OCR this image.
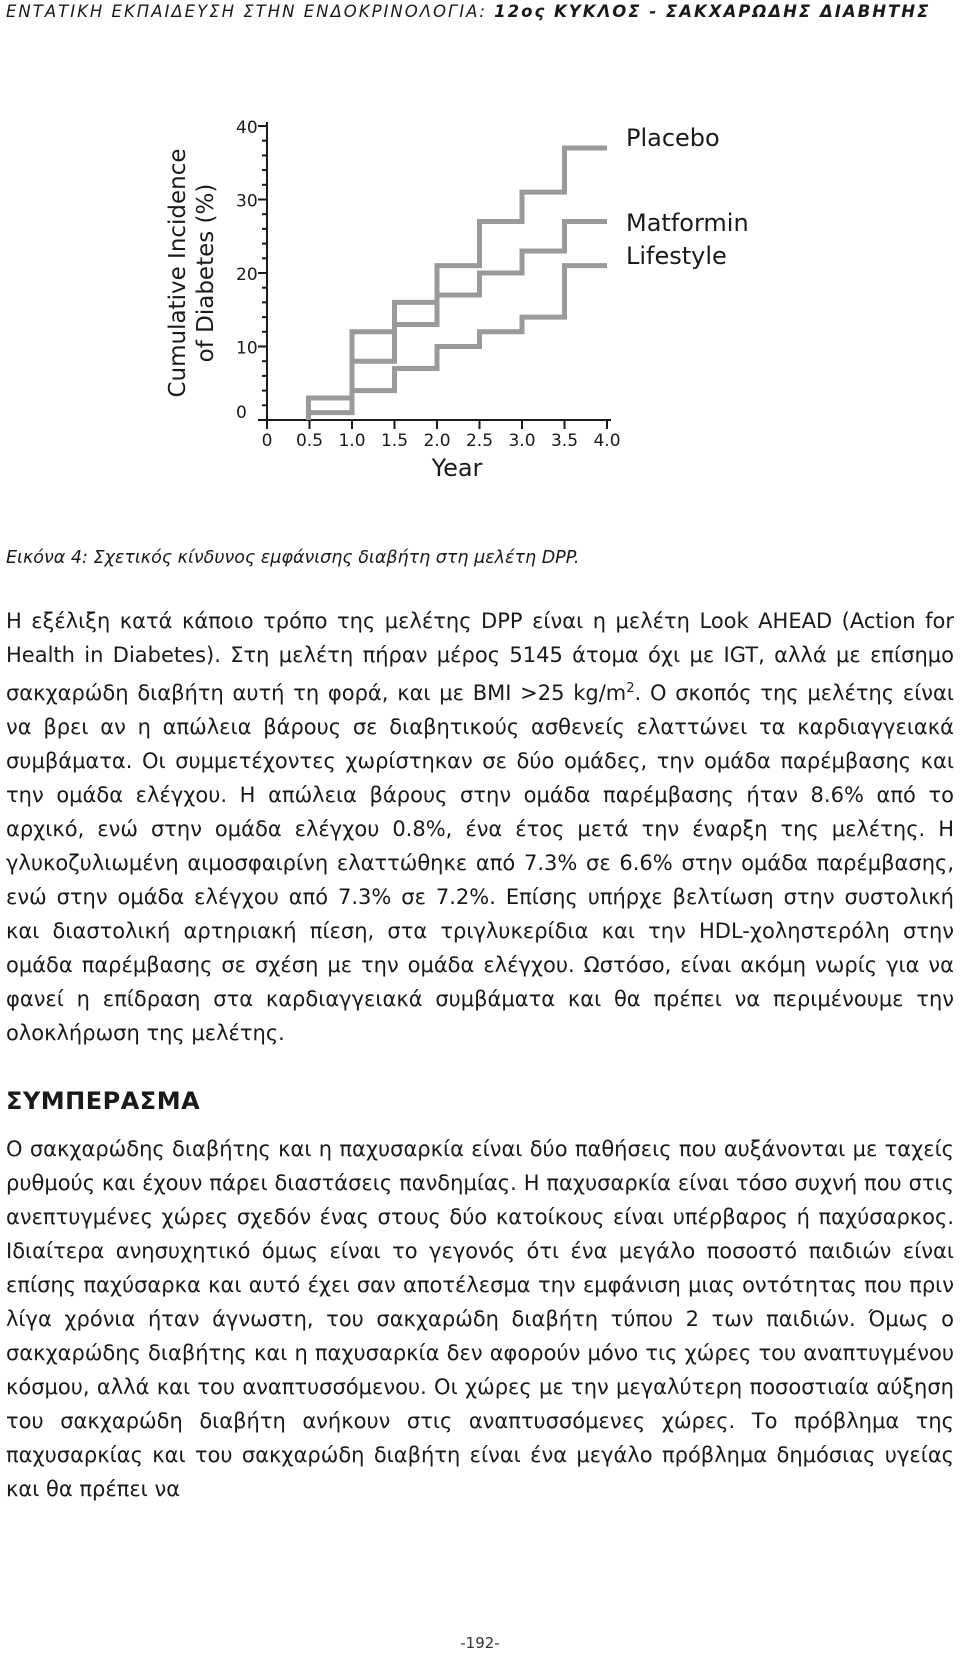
ΕΝΤΑΤΙΚΗ ΕΚΠΑΙΔΕΥΣΗ ΣΤΗΝ ΕΝΔΟΚΡΙΝΟΛΟΓΙΑ: 12ος ΚΥΚΛΟΣ - ΣΑΚΧΑΡΩΔΗΣ ΔΙΑΒΗΤΗΣ
0
10
20
30
40
0 0.5 1.0 1.5 2.0 2.5 3.0 3.5 4.0
Cumulative Incidence of Diabetes (%)
Year
Placebo
Matformin
Lifestyle
Εικόνα 4: Σχετικός κίνδυνος εμφάνισης διαβήτη στη μελέτη DPP.

Η εξέλιξη κατά κάποιο τρόπο της μελέτης DPP είναι η μελέτη Look AHEAD (Action for Health in Diabetes). Στη μελέτη πήραν μέρος 5145 άτομα όχι με IGT, αλλά με επίσημο σακχαρώδη διαβήτη αυτή τη φορά, και με BMI >25 $kg/m^2$. Ο σκοπός της μελέτης είναι να βρει αν η απώλεια βάρους σε διαβητικούς ασθενείς ελαττώνει τα καρδιαγγειακά συμβάματα. Οι συμμετέχοντες χωρίστηκαν σε δύο ομάδες, την ομάδα παρέμβασης και την ομάδα ελέγχου. Η απώλεια βάρους στην ομάδα παρέμβασης ήταν 8.6% από το αρχικό, ενώ στην ομάδα ελέγχου 0.8%, ένα έτος μετά την έναρξη της μελέτης. Η γλυκοζυλιωμένη αιμοσφαιρίνη ελαττώθηκε από 7.3% σε 6.6% στην ομάδα παρέμβασης, ενώ στην ομάδα ελέγχου από 7.3% σε 7.2%. Επίσης υπήρχε βελτίωση στην συστολική και διαστολική αρτηριακή πίεση, στα τριγλυκερίδια και την HDL-χοληστερόλη στην ομάδα παρέμβασης σε σχέση με την ομάδα ελέγχου. Ωστόσο, είναι ακόμη νωρίς για να φανεί η επίδραση στα καρδιαγγειακά συμβάματα και θα πρέπει να περιμένουμε την ολοκλήρωση της μελέτης.

ΣΥΜΠΕΡΑΣΜΑ

Ο σακχαρώδης διαβήτης και η παχυσαρκία είναι δύο παθήσεις που αυξάνονται με ταχείς ρυθμούς και έχουν πάρει διαστάσεις πανδημίας. Η παχυσαρκία είναι τόσο συχνή που στις ανεπτυγμένες χώρες σχεδόν ένας στους δύο κατοίκους είναι υπέρβαρος ή παχύσαρκος. Ιδιαίτερα ανησυχητικό όμως είναι το γεγονός ότι ένα μεγάλο ποσοστό παιδιών είναι επίσης παχύσαρκα και αυτό έχει σαν αποτέλεσμα την εμφάνιση μιας οντότητας που πριν λίγα χρόνια ήταν άγνωστη, του σακχαρώδη διαβήτη τύπου 2 των παιδιών. Όμως ο σακχαρώδης διαβήτης και η παχυσαρκία δεν αφορούν μόνο τις χώρες του αναπτυγμένου κόσμου, αλλά και του αναπτυσσόμενου. Οι χώρες με την μεγαλύτερη ποσοστιαία αύξηση του σακχαρώδη διαβήτη ανήκουν στις αναπτυσσόμενες χώρες. Το πρόβλημα της παχυσαρκίας και του σακχαρώδη διαβήτη είναι ένα μεγάλο πρόβλημα δημόσιας υγείας και θα πρέπει να

-192-
